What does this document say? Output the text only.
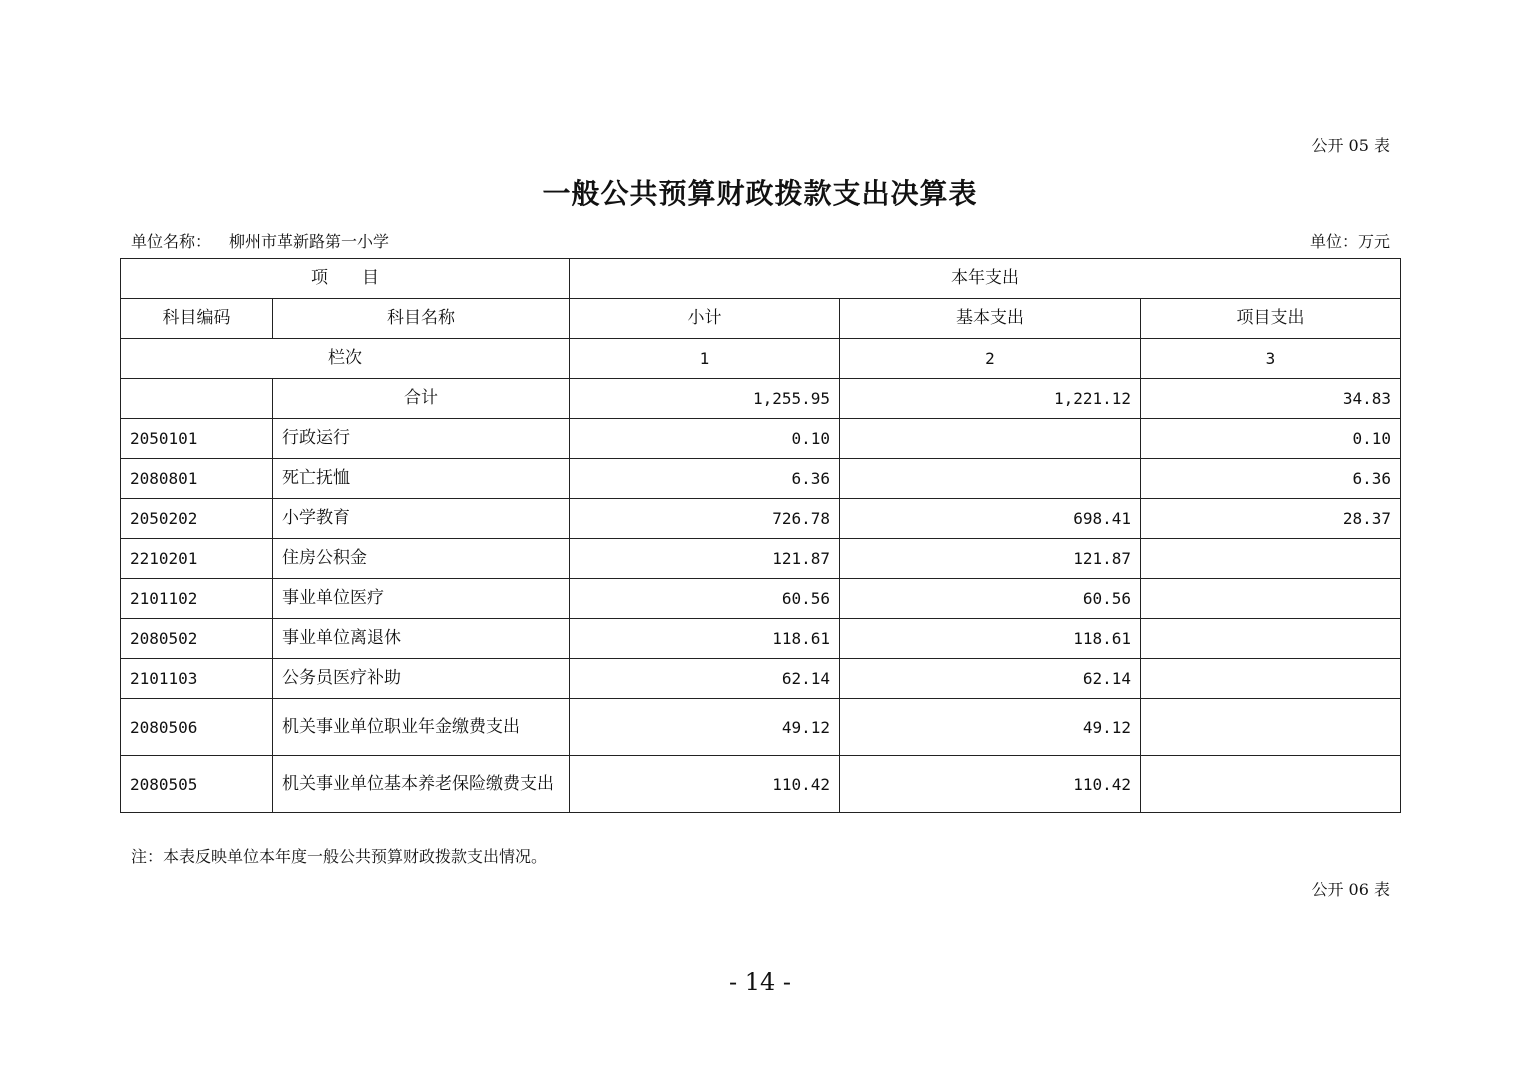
公开 05 表
一般公共预算财政拨款支出决算表
单位名称： 柳州市革新路第一小学	单位：万元
项　　目		本年支出		
科目编码	科目名称	小计	基本支出	项目支出
栏次		1	2	3
	合计	1,255.95	1,221.12	34.83
2050101	行政运行	0.10		0.10
2080801	死亡抚恤	6.36		6.36
2050202	小学教育	726.78	698.41	28.37
2210201	住房公积金	121.87	121.87	
2101102	事业单位医疗	60.56	60.56	
2080502	事业单位离退休	118.61	118.61	
2101103	公务员医疗补助	62.14	62.14	
2080506	机关事业单位职业年金缴费支出	49.12	49.12	
2080505	机关事业单位基本养老保险缴费支出	110.42	110.42	
注：本表反映单位本年度一般公共预算财政拨款支出情况。
公开 06 表
- 14 -
